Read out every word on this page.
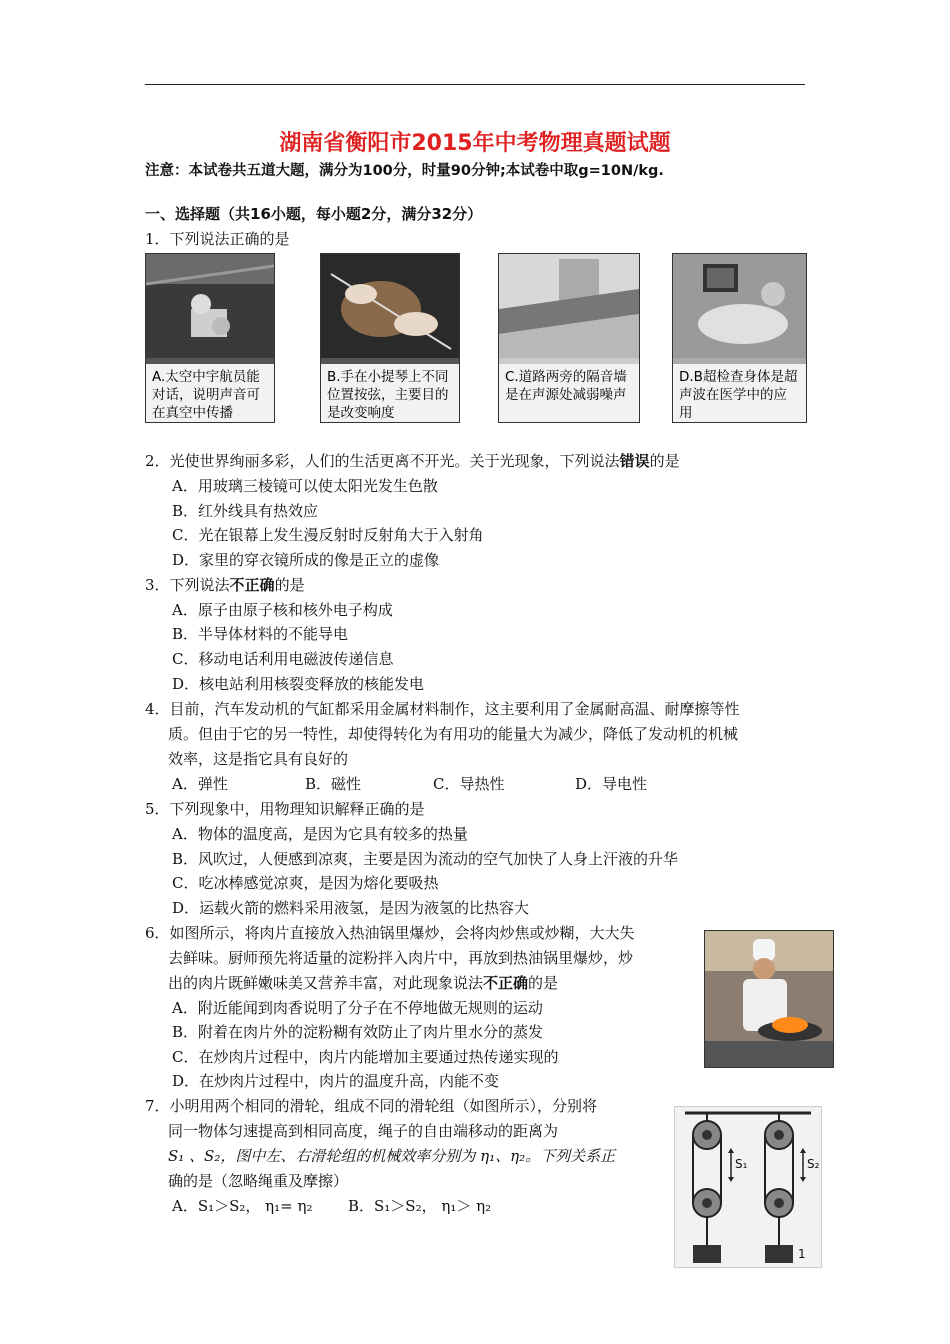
湖南省衡阳市2015年中考物理真题试题
注意：本试卷共五道大题，满分为100分，时量90分钟;本试卷中取g=10N/kg.
一、选择题（共16小题，每小题2分，满分32分）
1．下列说法正确的是
A.太空中宇航员能对话，说明声音可在真空中传播
B.手在小提琴上不同位置按弦，主要目的是改变响度
C.道路两旁的隔音墙是在声源处减弱噪声
D.B超检查身体是超声波在医学中的应用
2．光使世界绚丽多彩，人们的生活更离不开光。关于光现象，下列说法错误的是
A．用玻璃三棱镜可以使太阳光发生色散
B．红外线具有热效应
C．光在银幕上发生漫反射时反射角大于入射角
D．家里的穿衣镜所成的像是正立的虚像
3．下列说法不正确的是
A．原子由原子核和核外电子构成
B．半导体材料的不能导电
C．移动电话利用电磁波传递信息
D．核电站利用核裂变释放的核能发电
4．目前，汽车发动机的气缸都采用金属材料制作，这主要利用了金属耐高温、耐摩擦等性
质。但由于它的另一特性，却使得转化为有用功的能量大为减少，降低了发动机的机械
效率，这是指它具有良好的
A．弹性	B．磁性	C．导热性	D．导电性
5．下列现象中，用物理知识解释正确的是
A．物体的温度高，是因为它具有较多的热量
B．风吹过，人便感到凉爽，主要是因为流动的空气加快了人身上汗液的升华
C．吃冰棒感觉凉爽，是因为熔化要吸热
D．运载火箭的燃料采用液氢，是因为液氢的比热容大
6．如图所示，将肉片直接放入热油锅里爆炒，会将肉炒焦或炒糊，大大失
去鲜味。厨师预先将适量的淀粉拌入肉片中，再放到热油锅里爆炒，炒
出的肉片既鲜嫩味美又营养丰富，对此现象说法不正确的是
A．附近能闻到肉香说明了分子在不停地做无规则的运动
B．附着在肉片外的淀粉糊有效防止了肉片里水分的蒸发
C．在炒肉片过程中，肉片内能增加主要通过热传递实现的
D．在炒肉片过程中，肉片的温度升高，内能不变
7．小明用两个相同的滑轮，组成不同的滑轮组（如图所示），分别将
同一物体匀速提高到相同高度，绳子的自由端移动的距离为
S₁ 、S₂，图中左、右滑轮组的机械效率分别为 η₁、η₂。下列关系正
确的是（忽略绳重及摩擦）
A．S₁＞S₂， η₁= η₂ B．S₁＞S₂， η₁＞ η₂
S₁	S₂
1
